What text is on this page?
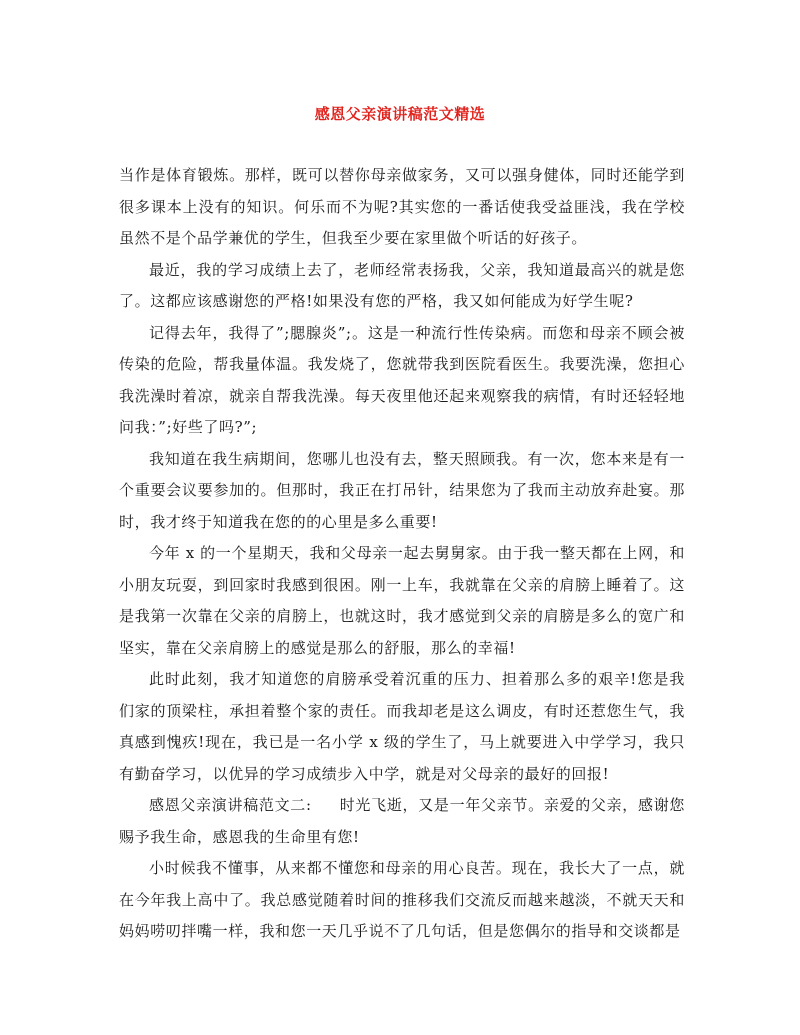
感恩父亲演讲稿范文精选

当作是体育锻炼。那样，既可以替你母亲做家务，又可以强身健体，同时还能学到很多课本上没有的知识。何乐而不为呢?其实您的一番话使我受益匪浅，我在学校虽然不是个品学兼优的学生，但我至少要在家里做个听话的好孩子。

最近，我的学习成绩上去了，老师经常表扬我，父亲，我知道最高兴的就是您了。这都应该感谢您的严格!如果没有您的严格，我又如何能成为好学生呢?

记得去年，我得了”;腮腺炎”;。这是一种流行性传染病。而您和母亲不顾会被传染的危险，帮我量体温。我发烧了，您就带我到医院看医生。我要洗澡，您担心我洗澡时着凉，就亲自帮我洗澡。每天夜里他还起来观察我的病情，有时还轻轻地问我：”;好些了吗?”;

我知道在我生病期间，您哪儿也没有去，整天照顾我。有一次，您本来是有一个重要会议要参加的。但那时，我正在打吊针，结果您为了我而主动放弃赴宴。那时，我才终于知道我在您的的心里是多么重要!

今年 x 的一个星期天，我和父母亲一起去舅舅家。由于我一整天都在上网，和小朋友玩耍，到回家时我感到很困。刚一上车，我就靠在父亲的肩膀上睡着了。这是我第一次靠在父亲的肩膀上，也就这时，我才感觉到父亲的肩膀是多么的宽广和坚实，靠在父亲肩膀上的感觉是那么的舒服，那么的幸福!

此时此刻，我才知道您的肩膀承受着沉重的压力、担着那么多的艰辛!您是我们家的顶梁柱，承担着整个家的责任。而我却老是这么调皮，有时还惹您生气，我真感到愧疚!现在，我已是一名小学 x 级的学生了，马上就要进入中学学习，我只有勤奋学习，以优异的学习成绩步入中学，就是对父母亲的最好的回报!

感恩父亲演讲稿范文二: 时光飞逝，又是一年父亲节。亲爱的父亲，感谢您赐予我生命，感恩我的生命里有您!

小时候我不懂事，从来都不懂您和母亲的用心良苦。现在，我长大了一点，就在今年我上高中了。我总感觉随着时间的推移我们交流反而越来越淡，不就天天和妈妈唠叨拌嘴一样，我和您一天几乎说不了几句话，但是您偶尔的指导和交谈都是
